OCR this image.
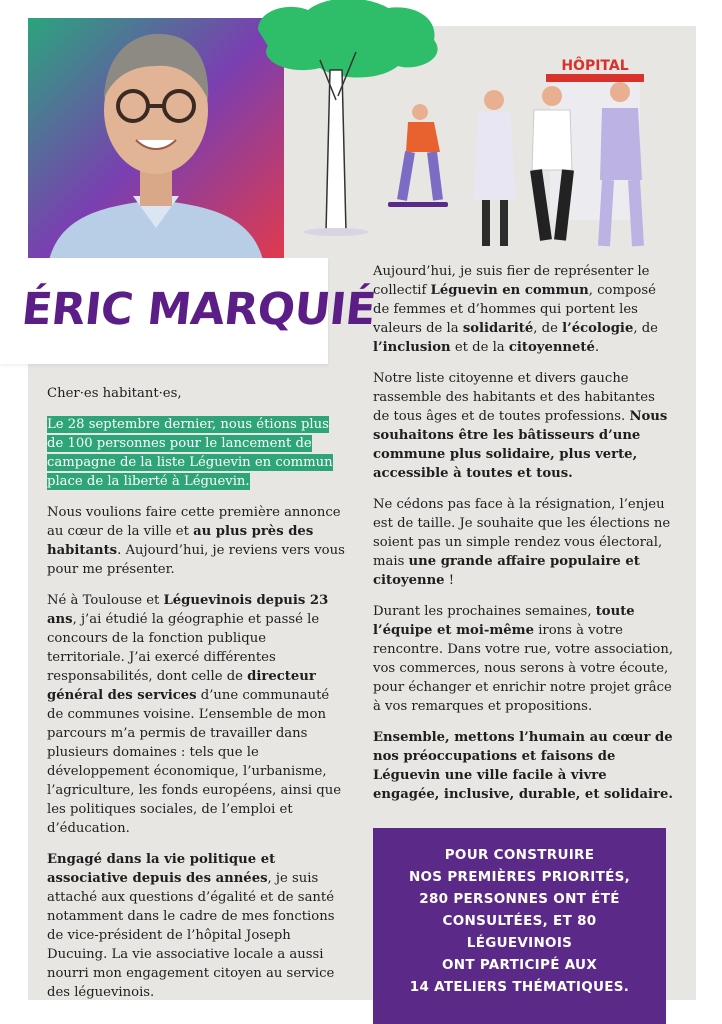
HÔPITAL
ÉRIC MARQUIÉ

Cher·es habitant·es,

Le 28 septembre dernier, nous étions plus de 100 personnes pour le lancement de campagne de la liste Léguevin en commun place de la liberté à Léguevin.

Nous voulions faire cette première annonce au cœur de la ville et au plus près des habitants. Aujourd’hui, je reviens vers vous pour me présenter.

Né à Toulouse et Léguevinois depuis 23 ans, j’ai étudié la géographie et passé le concours de la fonction publique territoriale. J’ai exercé différentes responsabilités, dont celle de directeur général des services d’une communauté de communes voisine. L’ensemble de mon parcours m’a permis de travailler dans plusieurs domaines : tels que le développement économique, l’urbanisme, l’agriculture, les fonds européens, ainsi que les politiques sociales, de l’emploi et d’éducation.

Engagé dans la vie politique et associative depuis des années, je suis attaché aux questions d’égalité et de santé notamment dans le cadre de mes fonctions de vice-président de l’hôpital Joseph Ducuing. La vie associative locale a aussi nourri mon engagement citoyen au service des léguevinois.

Aujourd’hui, je suis fier de représenter le collectif Léguevin en commun, composé de femmes et d’hommes qui portent les valeurs de la solidarité, de l’écologie, de l’inclusion et de la citoyenneté.

Notre liste citoyenne et divers gauche rassemble des habitants et des habitantes de tous âges et de toutes professions. Nous souhaitons être les bâtisseurs d’une commune plus solidaire, plus verte, accessible à toutes et tous.

Ne cédons pas face à la résignation, l’enjeu est de taille. Je souhaite que les élections ne soient pas un simple rendez vous électoral, mais une grande affaire populaire et citoyenne !

Durant les prochaines semaines, toute l’équipe et moi-même irons à votre rencontre. Dans votre rue, votre association, vos commerces, nous serons à votre écoute, pour échanger et enrichir notre projet grâce à vos remarques et propositions.

Ensemble, mettons l’humain au cœur de nos préoccupations et faisons de Léguevin une ville facile à vivre engagée, inclusive, durable, et solidaire.

POUR CONSTRUIRE
NOS PREMIÈRES PRIORITÉS,
280 PERSONNES ONT ÉTÉ
CONSULTÉES, ET 80 LÉGUEVINOIS
ONT PARTICIPÉ AUX
14 ATELIERS THÉMATIQUES.
